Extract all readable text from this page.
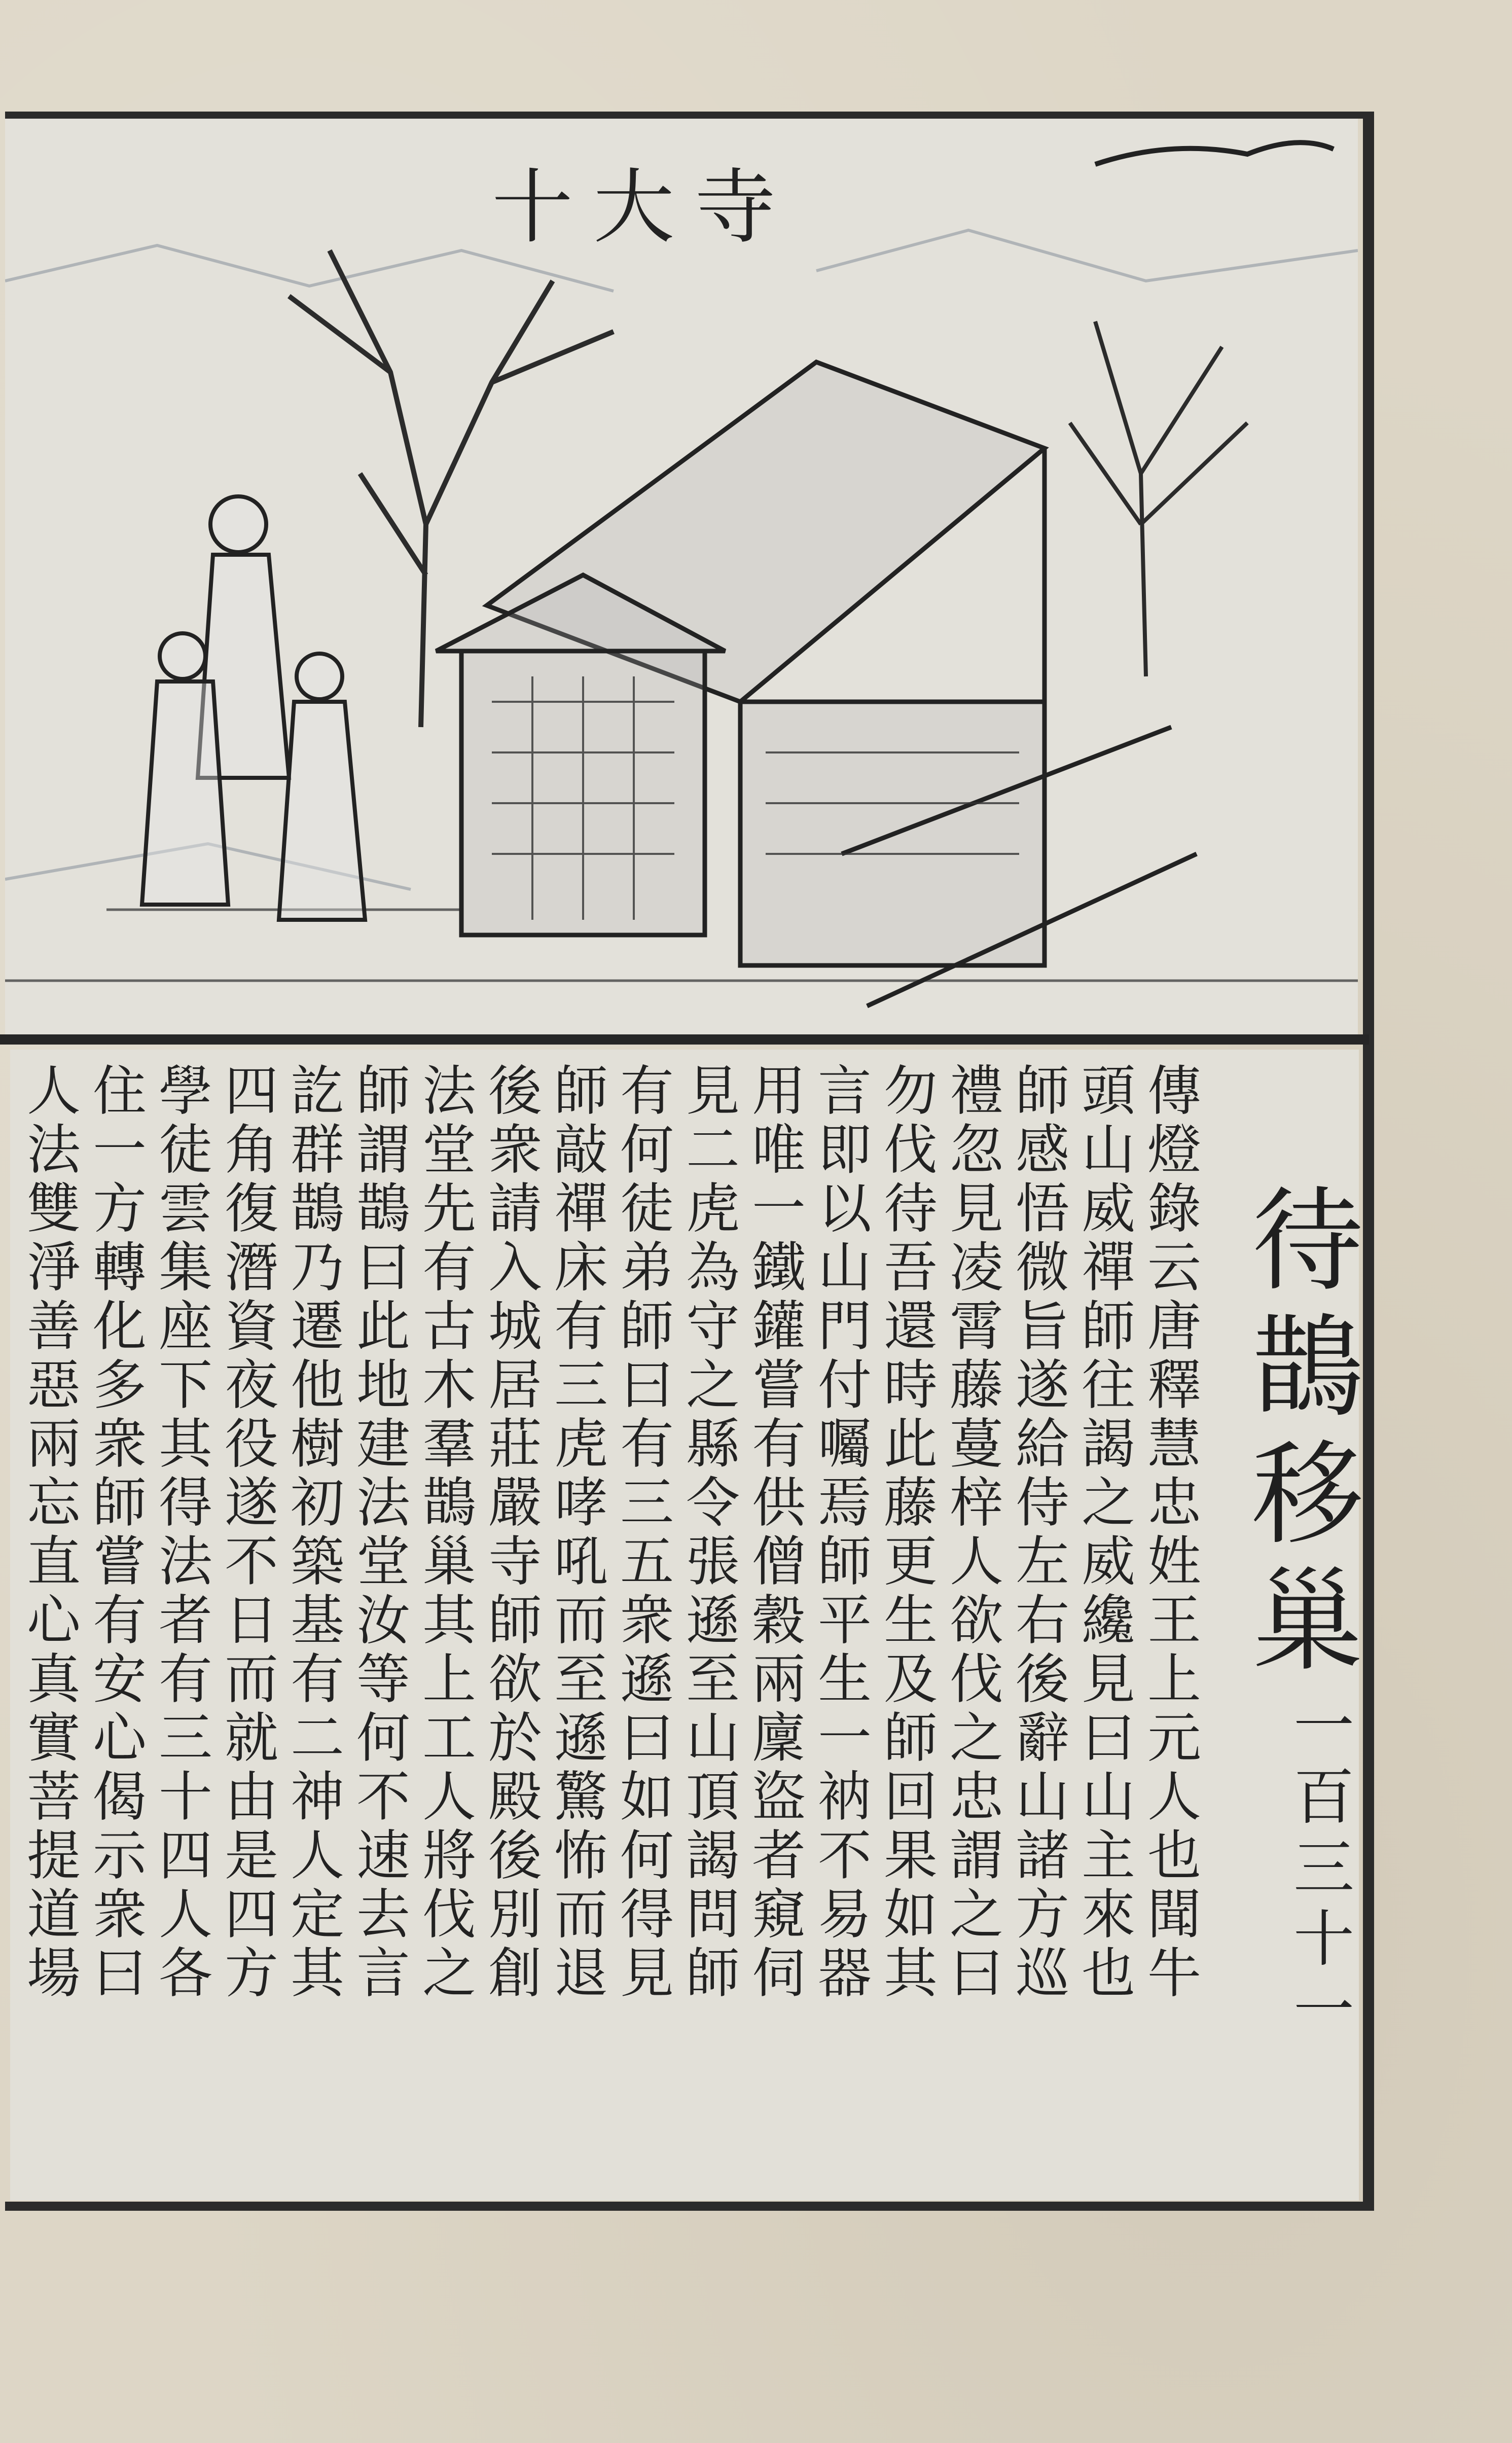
十大寺
待鵲移巢
一百三十一
傳燈錄云唐釋慧忠姓王上元人也聞牛
頭山威禪師往謁之威纔見曰山主來也
師感悟微旨遂給侍左右後辭山諸方巡
禮忽見凌霄藤蔓梓人欲伐之忠謂之曰
勿伐待吾還時此藤更生及師回果如其
言即以山門付囑焉師平生一衲不易器
用唯一鐵鑵嘗有供僧穀兩廩盜者窺伺
見二虎為守之縣令張遜至山頂謁問師
有何徒弟師曰有三五衆遜曰如何得見
師敲禪床有三虎哮吼而至遜驚怖而退
後衆請入城居莊嚴寺師欲於殿後別創
法堂先有古木羣鵲巢其上工人將伐之
師謂鵲曰此地建法堂汝等何不速去言
訖群鵲乃遷他樹初築基有二神人定其
四角復潛資夜役遂不日而就由是四方
學徒雲集座下其得法者有三十四人各
住一方轉化多衆師嘗有安心偈示衆曰
人法雙淨善惡兩忘直心真實菩提道場
